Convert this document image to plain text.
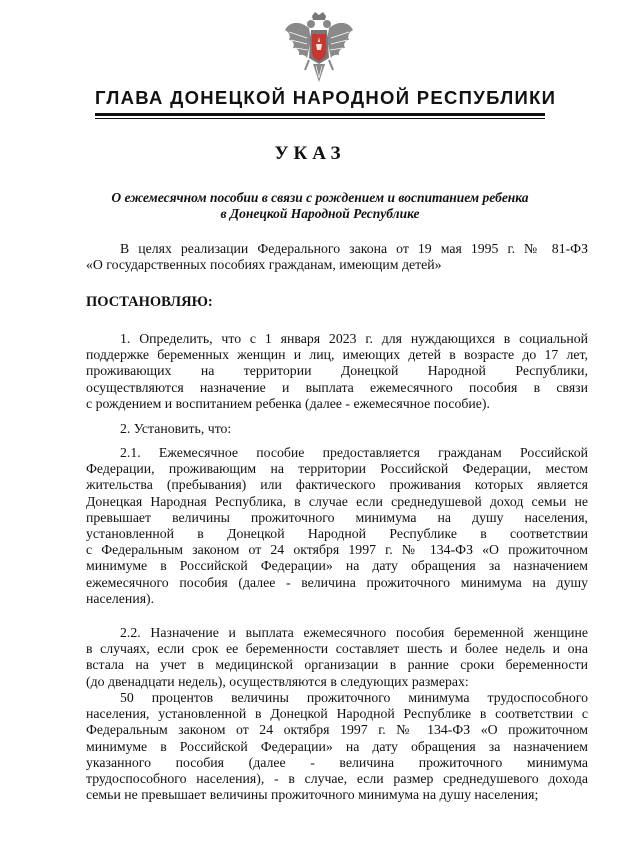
ГЛАВА ДОНЕЦКОЙ НАРОДНОЙ РЕСПУБЛИКИ
УКАЗ
О ежемесячном пособии в связи с рождением и воспитанием ребенка
в Донецкой Народной Республике
В целях реализации Федерального закона от 19 мая 1995 г. № 81-ФЗ
«О государственных пособиях гражданам, имеющим детей»
ПОСТАНОВЛЯЮ:
1. Определить, что с 1 января 2023 г. для нуждающихся в социальной
поддержке беременных женщин и лиц, имеющих детей в возрасте до 17 лет,
проживающих на территории Донецкой Народной Республики,
осуществляются назначение и выплата ежемесячного пособия в связи
с рождением и воспитанием ребенка (далее - ежемесячное пособие).
2. Установить, что:
2.1. Ежемесячное пособие предоставляется гражданам Российской
Федерации, проживающим на территории Российской Федерации, местом
жительства (пребывания) или фактического проживания которых является
Донецкая Народная Республика, в случае если среднедушевой доход семьи не
превышает величины прожиточного минимума на душу населения,
установленной в Донецкой Народной Республике в соответствии
с Федеральным законом от 24 октября 1997 г. № 134-ФЗ «О прожиточном
минимуме в Российской Федерации» на дату обращения за назначением
ежемесячного пособия (далее - величина прожиточного минимума на душу
населения).
2.2. Назначение и выплата ежемесячного пособия беременной женщине
в случаях, если срок ее беременности составляет шесть и более недель и она
встала на учет в медицинской организации в ранние сроки беременности
(до двенадцати недель), осуществляются в следующих размерах:
50 процентов величины прожиточного минимума трудоспособного
населения, установленной в Донецкой Народной Республике в соответствии с
Федеральным законом от 24 октября 1997 г. № 134-ФЗ «О прожиточном
минимуме в Российской Федерации» на дату обращения за назначением
указанного пособия (далее - величина прожиточного минимума
трудоспособного населения), - в случае, если размер среднедушевого дохода
семьи не превышает величины прожиточного минимума на душу населения;
